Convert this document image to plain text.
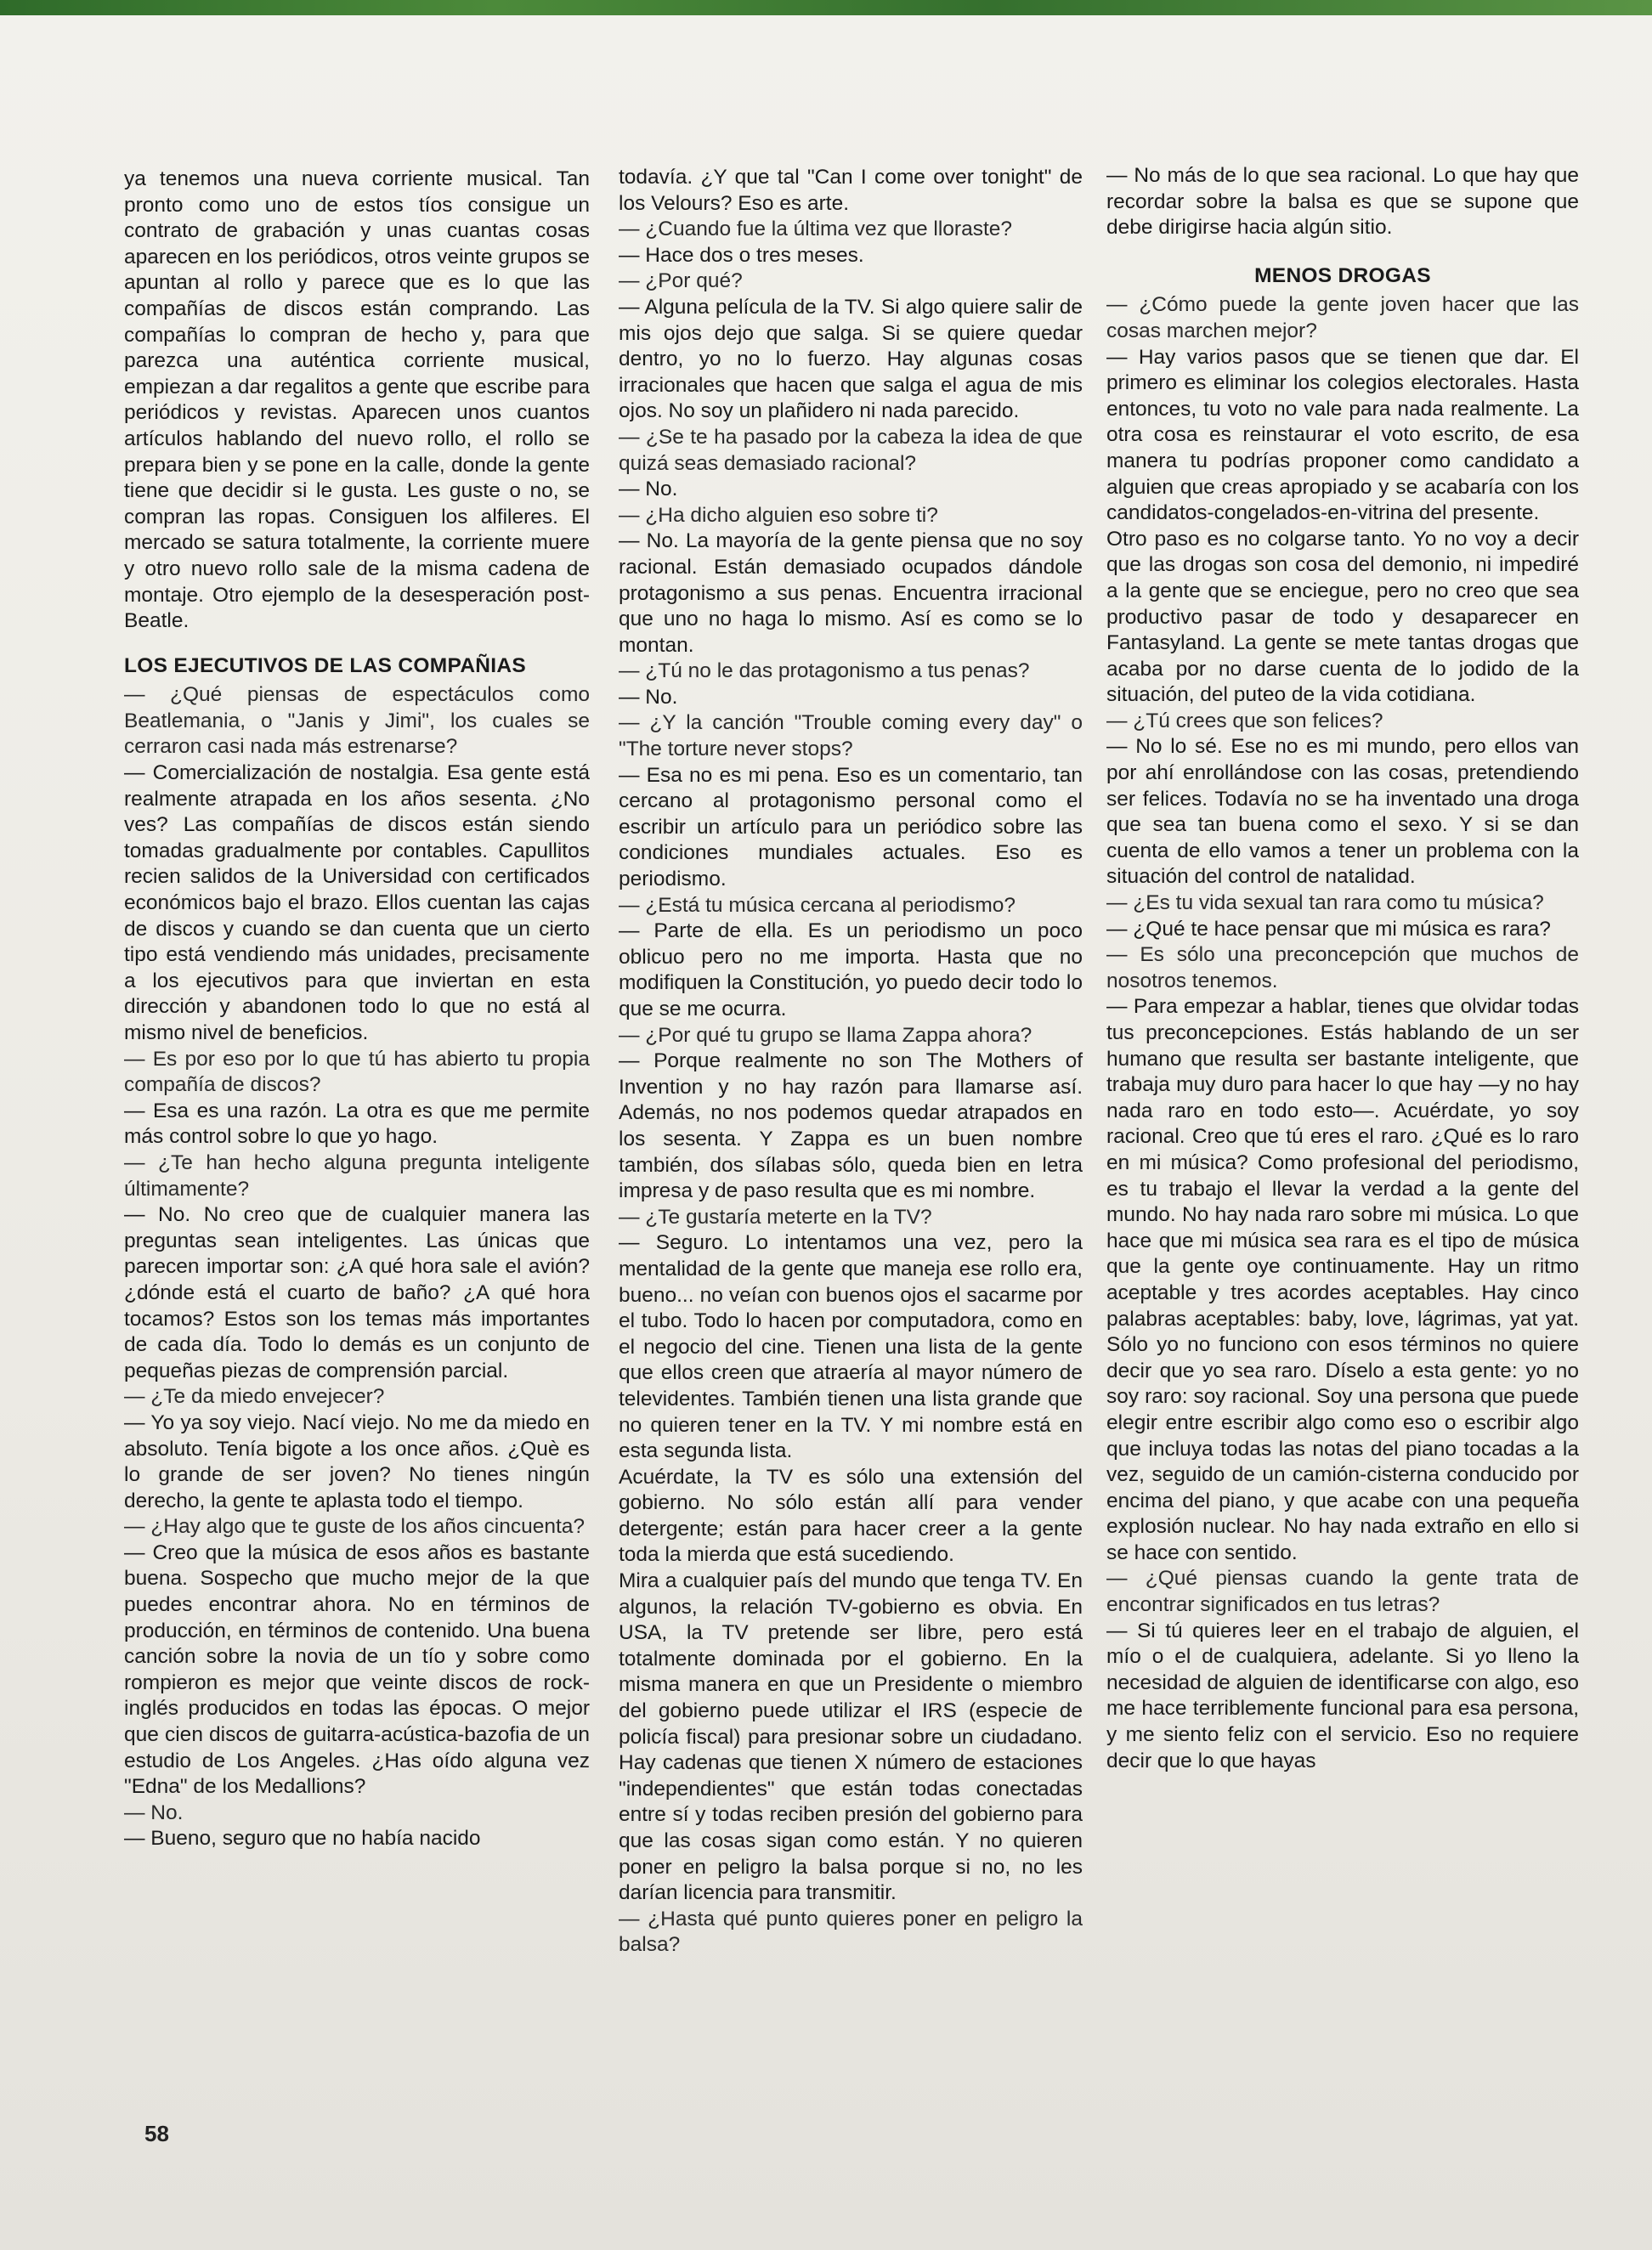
ya tenemos una nueva corriente musical. Tan pronto como uno de estos tíos consigue un contrato de grabación y unas cuantas cosas aparecen en los periódicos, otros veinte grupos se apuntan al rollo y parece que es lo que las compañías de discos están comprando. Las compañías lo compran de hecho y, para que parezca una auténtica corriente musical, empiezan a dar regalitos a gente que escribe para periódicos y revistas. Aparecen unos cuantos artículos hablando del nuevo rollo, el rollo se prepara bien y se pone en la calle, donde la gente tiene que decidir si le gusta. Les guste o no, se compran las ropas. Consiguen los alfileres. El mercado se satura totalmente, la corriente muere y otro nuevo rollo sale de la misma cadena de montaje. Otro ejemplo de la desesperación post-Beatle.

LOS EJECUTIVOS DE LAS COMPAÑIAS

— ¿Qué piensas de espectáculos como Beatlemania, o "Janis y Jimi", los cuales se cerraron casi nada más estrenarse?

— Comercialización de nostalgia. Esa gente está realmente atrapada en los años sesenta. ¿No ves? Las compañías de discos están siendo tomadas gradualmente por contables. Capullitos recien salidos de la Universidad con certificados económicos bajo el brazo. Ellos cuentan las cajas de discos y cuando se dan cuenta que un cierto tipo está vendiendo más unidades, precisamente a los ejecutivos para que inviertan en esta dirección y abandonen todo lo que no está al mismo nivel de beneficios.

— Es por eso por lo que tú has abierto tu propia compañía de discos?

— Esa es una razón. La otra es que me permite más control sobre lo que yo hago.

— ¿Te han hecho alguna pregunta inteligente últimamente?

— No. No creo que de cualquier manera las preguntas sean inteligentes. Las únicas que parecen importar son: ¿A qué hora sale el avión? ¿dónde está el cuarto de baño? ¿A qué hora tocamos? Estos son los temas más importantes de cada día. Todo lo demás es un conjunto de pequeñas piezas de comprensión parcial.

— ¿Te da miedo envejecer?

— Yo ya soy viejo. Nací viejo. No me da miedo en absoluto. Tenía bigote a los once años. ¿Què es lo grande de ser joven? No tienes ningún derecho, la gente te aplasta todo el tiempo.

— ¿Hay algo que te guste de los años cincuenta?

— Creo que la música de esos años es bastante buena. Sospecho que mucho mejor de la que puedes encontrar ahora. No en términos de producción, en términos de contenido. Una buena canción sobre la novia de un tío y sobre como rompieron es mejor que veinte discos de rock-inglés producidos en todas las épocas. O mejor que cien discos de guitarra-acústica-bazofia de un estudio de Los Angeles. ¿Has oído alguna vez "Edna" de los Medallions?

— No.

— Bueno, seguro que no había nacido

todavía. ¿Y que tal "Can I come over tonight" de los Velours? Eso es arte.

— ¿Cuando fue la última vez que lloraste?

— Hace dos o tres meses.

— ¿Por qué?

— Alguna película de la TV. Si algo quiere salir de mis ojos dejo que salga. Si se quiere quedar dentro, yo no lo fuerzo. Hay algunas cosas irracionales que hacen que salga el agua de mis ojos. No soy un plañidero ni nada parecido.

— ¿Se te ha pasado por la cabeza la idea de que quizá seas demasiado racional?

— No.

— ¿Ha dicho alguien eso sobre ti?

— No. La mayoría de la gente piensa que no soy racional. Están demasiado ocupados dándole protagonismo a sus penas. Encuentra irracional que uno no haga lo mismo. Así es como se lo montan.

— ¿Tú no le das protagonismo a tus penas?

— No.

— ¿Y la canción "Trouble coming every day" o "The torture never stops?

— Esa no es mi pena. Eso es un comentario, tan cercano al protagonismo personal como el escribir un artículo para un periódico sobre las condiciones mundiales actuales. Eso es periodismo.

— ¿Está tu música cercana al periodismo?

— Parte de ella. Es un periodismo un poco oblicuo pero no me importa. Hasta que no modifiquen la Constitución, yo puedo decir todo lo que se me ocurra.

— ¿Por qué tu grupo se llama Zappa ahora?

— Porque realmente no son The Mothers of Invention y no hay razón para llamarse así. Además, no nos podemos quedar atrapados en los sesenta. Y Zappa es un buen nombre también, dos sílabas sólo, queda bien en letra impresa y de paso resulta que es mi nombre.

— ¿Te gustaría meterte en la TV?

— Seguro. Lo intentamos una vez, pero la mentalidad de la gente que maneja ese rollo era, bueno... no veían con buenos ojos el sacarme por el tubo. Todo lo hacen por computadora, como en el negocio del cine. Tienen una lista de la gente que ellos creen que atraería al mayor número de televidentes. También tienen una lista grande que no quieren tener en la TV. Y mi nombre está en esta segunda lista.

Acuérdate, la TV es sólo una extensión del gobierno. No sólo están allí para vender detergente; están para hacer creer a la gente toda la mierda que está sucediendo.

Mira a cualquier país del mundo que tenga TV. En algunos, la relación TV-gobierno es obvia. En USA, la TV pretende ser libre, pero está totalmente dominada por el gobierno. En la misma manera en que un Presidente o miembro del gobierno puede utilizar el IRS (especie de policía fiscal) para presionar sobre un ciudadano. Hay cadenas que tienen X número de estaciones "independientes" que están todas conectadas entre sí y todas reciben presión del gobierno para que las cosas sigan como están. Y no quieren poner en peligro la balsa porque si no, no les darían licencia para transmitir.

— ¿Hasta qué punto quieres poner en peligro la balsa?

— No más de lo que sea racional. Lo que hay que recordar sobre la balsa es que se supone que debe dirigirse hacia algún sitio.

MENOS DROGAS

— ¿Cómo puede la gente joven hacer que las cosas marchen mejor?

— Hay varios pasos que se tienen que dar. El primero es eliminar los colegios electorales. Hasta entonces, tu voto no vale para nada realmente. La otra cosa es reinstaurar el voto escrito, de esa manera tu podrías proponer como candidato a alguien que creas apropiado y se acabaría con los candidatos-congelados-en-vitrina del presente.

Otro paso es no colgarse tanto. Yo no voy a decir que las drogas son cosa del demonio, ni impediré a la gente que se enciegue, pero no creo que sea productivo pasar de todo y desaparecer en Fantasyland. La gente se mete tantas drogas que acaba por no darse cuenta de lo jodido de la situación, del puteo de la vida cotidiana.

— ¿Tú crees que son felices?

— No lo sé. Ese no es mi mundo, pero ellos van por ahí enrollándose con las cosas, pretendiendo ser felices. Todavía no se ha inventado una droga que sea tan buena como el sexo. Y si se dan cuenta de ello vamos a tener un problema con la situación del control de natalidad.

— ¿Es tu vida sexual tan rara como tu música?

— ¿Qué te hace pensar que mi música es rara?

— Es sólo una preconcepción que muchos de nosotros tenemos.

— Para empezar a hablar, tienes que olvidar todas tus preconcepciones. Estás hablando de un ser humano que resulta ser bastante inteligente, que trabaja muy duro para hacer lo que hay —y no hay nada raro en todo esto—. Acuérdate, yo soy racional. Creo que tú eres el raro. ¿Qué es lo raro en mi música? Como profesional del periodismo, es tu trabajo el llevar la verdad a la gente del mundo. No hay nada raro sobre mi música. Lo que hace que mi música sea rara es el tipo de música que la gente oye continuamente. Hay un ritmo aceptable y tres acordes aceptables. Hay cinco palabras aceptables: baby, love, lágrimas, yat yat. Sólo yo no funciono con esos términos no quiere decir que yo sea raro. Díselo a esta gente: yo no soy raro: soy racional. Soy una persona que puede elegir entre escribir algo como eso o escribir algo que incluya todas las notas del piano tocadas a la vez, seguido de un camión-cisterna conducido por encima del piano, y que acabe con una pequeña explosión nuclear. No hay nada extraño en ello si se hace con sentido.

— ¿Qué piensas cuando la gente trata de encontrar significados en tus letras?

— Si tú quieres leer en el trabajo de alguien, el mío o el de cualquiera, adelante. Si yo lleno la necesidad de alguien de identificarse con algo, eso me hace terriblemente funcional para esa persona, y me siento feliz con el servicio. Eso no requiere decir que lo que hayas

58
